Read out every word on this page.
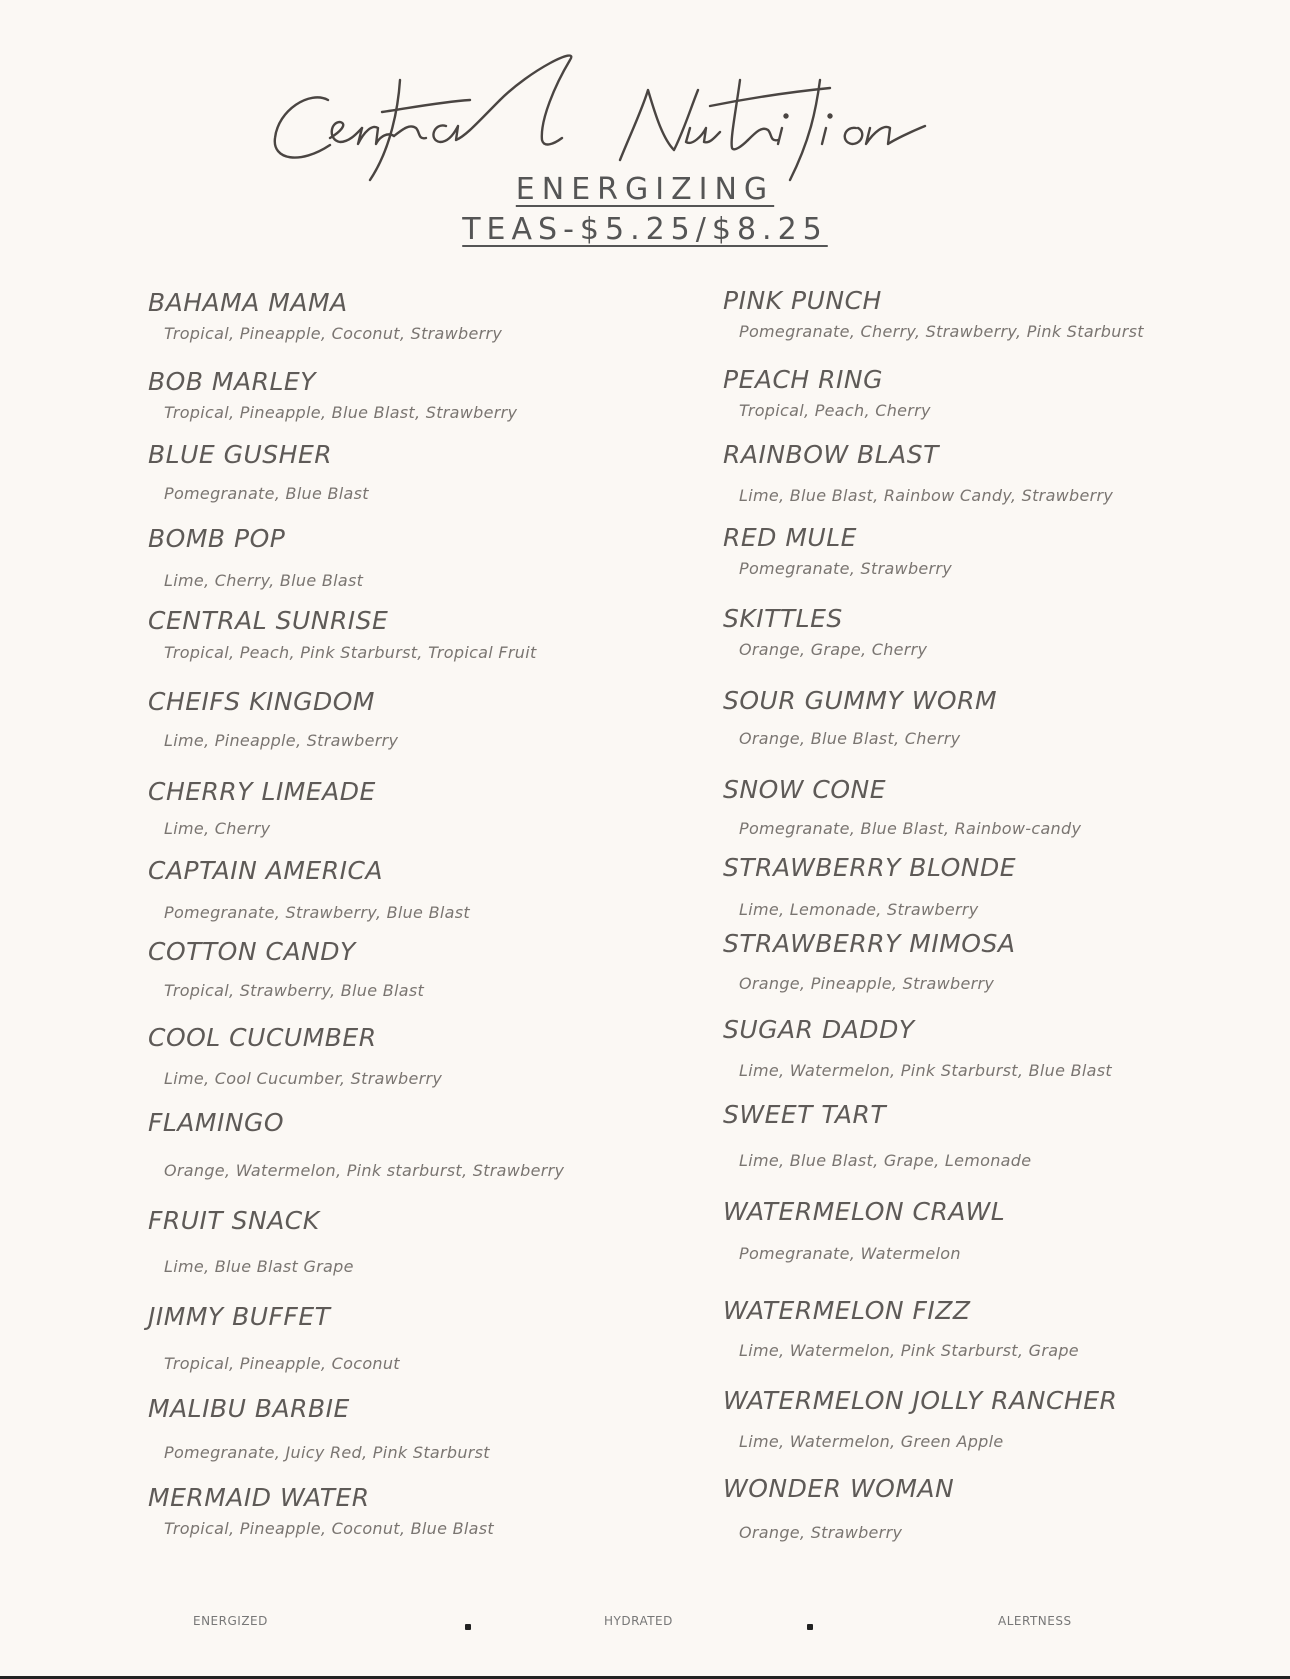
ENERGIZING
TEAS-$5.25/$8.25
BAHAMA MAMA
Tropical, Pineapple, Coconut, Strawberry
BOB MARLEY
Tropical, Pineapple, Blue Blast, Strawberry
BLUE GUSHER
Pomegranate, Blue Blast
BOMB POP
Lime, Cherry, Blue Blast
CENTRAL SUNRISE
Tropical, Peach, Pink Starburst, Tropical Fruit
CHEIFS KINGDOM
Lime, Pineapple, Strawberry
CHERRY LIMEADE
Lime, Cherry
CAPTAIN AMERICA
Pomegranate, Strawberry, Blue Blast
COTTON CANDY
Tropical, Strawberry, Blue Blast
COOL CUCUMBER
Lime, Cool Cucumber, Strawberry
FLAMINGO
Orange, Watermelon, Pink starburst, Strawberry
FRUIT SNACK
Lime, Blue Blast Grape
JIMMY BUFFET
Tropical, Pineapple, Coconut
MALIBU BARBIE
Pomegranate, Juicy Red, Pink Starburst
MERMAID WATER
Tropical, Pineapple, Coconut, Blue Blast
PINK PUNCH
Pomegranate, Cherry, Strawberry, Pink Starburst
PEACH RING
Tropical, Peach, Cherry
RAINBOW BLAST
Lime, Blue Blast, Rainbow Candy, Strawberry
RED MULE
Pomegranate, Strawberry
SKITTLES
Orange, Grape, Cherry
SOUR GUMMY WORM
Orange, Blue Blast, Cherry
SNOW CONE
Pomegranate, Blue Blast, Rainbow-candy
STRAWBERRY BLONDE
Lime, Lemonade, Strawberry
STRAWBERRY MIMOSA
Orange, Pineapple, Strawberry
SUGAR DADDY
Lime, Watermelon, Pink Starburst, Blue Blast
SWEET TART
Lime, Blue Blast, Grape, Lemonade
WATERMELON CRAWL
Pomegranate, Watermelon
WATERMELON FIZZ
Lime, Watermelon, Pink Starburst, Grape
WATERMELON JOLLY RANCHER
Lime, Watermelon, Green Apple
WONDER WOMAN
Orange, Strawberry
ENERGIZED	HYDRATED	ALERTNESS
